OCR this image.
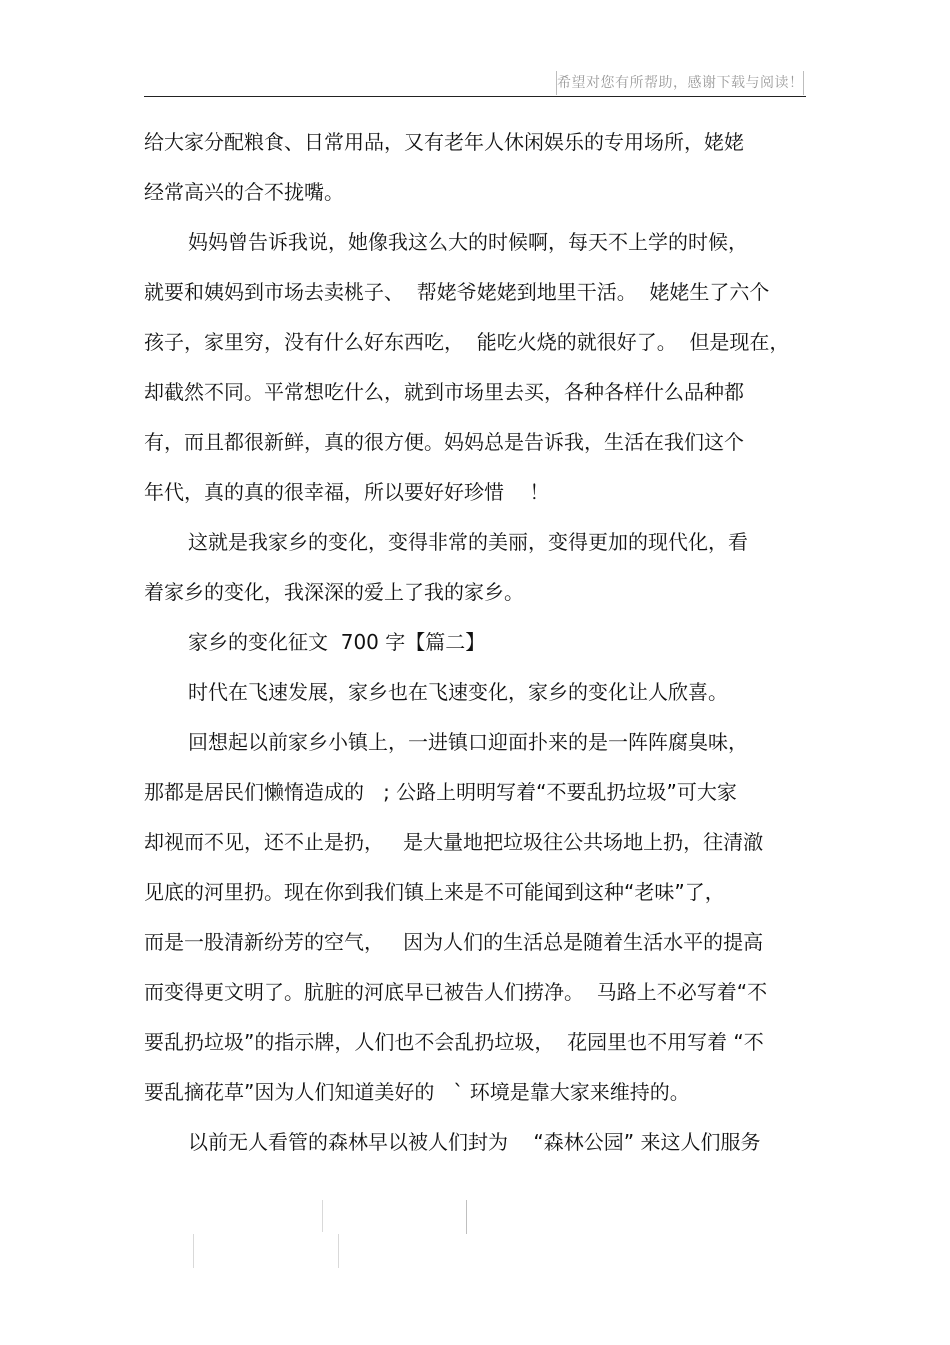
希望对您有所帮助，感谢下载与阅读！
给大家分配粮食、日常用品，又有老年人休闲娱乐的专用场所，姥姥
经常高兴的合不拢嘴。
妈妈曾告诉我说，她像我这么大的时候啊，每天不上学的时候，
就要和姨妈到市场去卖桃子、  帮姥爷姥姥到地里干活。  姥姥生了六个
孩子，家里穷，没有什么好东西吃，  能吃火烧的就很好了。  但是现在，
却截然不同。平常想吃什么，就到市场里去买，各种各样什么品种都
有，而且都很新鲜，真的很方便。妈妈总是告诉我，生活在我们这个
年代，真的真的很幸福，所以要好好珍惜    ！
这就是我家乡的变化，变得非常的美丽，变得更加的现代化，看
着家乡的变化，我深深的爱上了我的家乡。
家乡的变化征文  700 字【篇二】
时代在飞速发展，家乡也在飞速变化，家乡的变化让人欣喜。
回想起以前家乡小镇上，一进镇口迎面扑来的是一阵阵腐臭味，
那都是居民们懒惰造成的   ; 公路上明明写着“不要乱扔垃圾”可大家
却视而不见，还不止是扔，   是大量地把垃圾往公共场地上扔，往清澈
见底的河里扔。现在你到我们镇上来是不可能闻到这种“老味”了，
而是一股清新纷芳的空气，   因为人们的生活总是随着生活水平的提高
而变得更文明了。肮脏的河底早已被告人们捞净。  马路上不必写着“不
要乱扔垃圾”的指示牌，人们也不会乱扔垃圾，  花园里也不用写着 “不
要乱摘花草”因为人们知道美好的   ` 环境是靠大家来维持的。
以前无人看管的森林早以被人们封为    “森林公园” 来这人们服务
